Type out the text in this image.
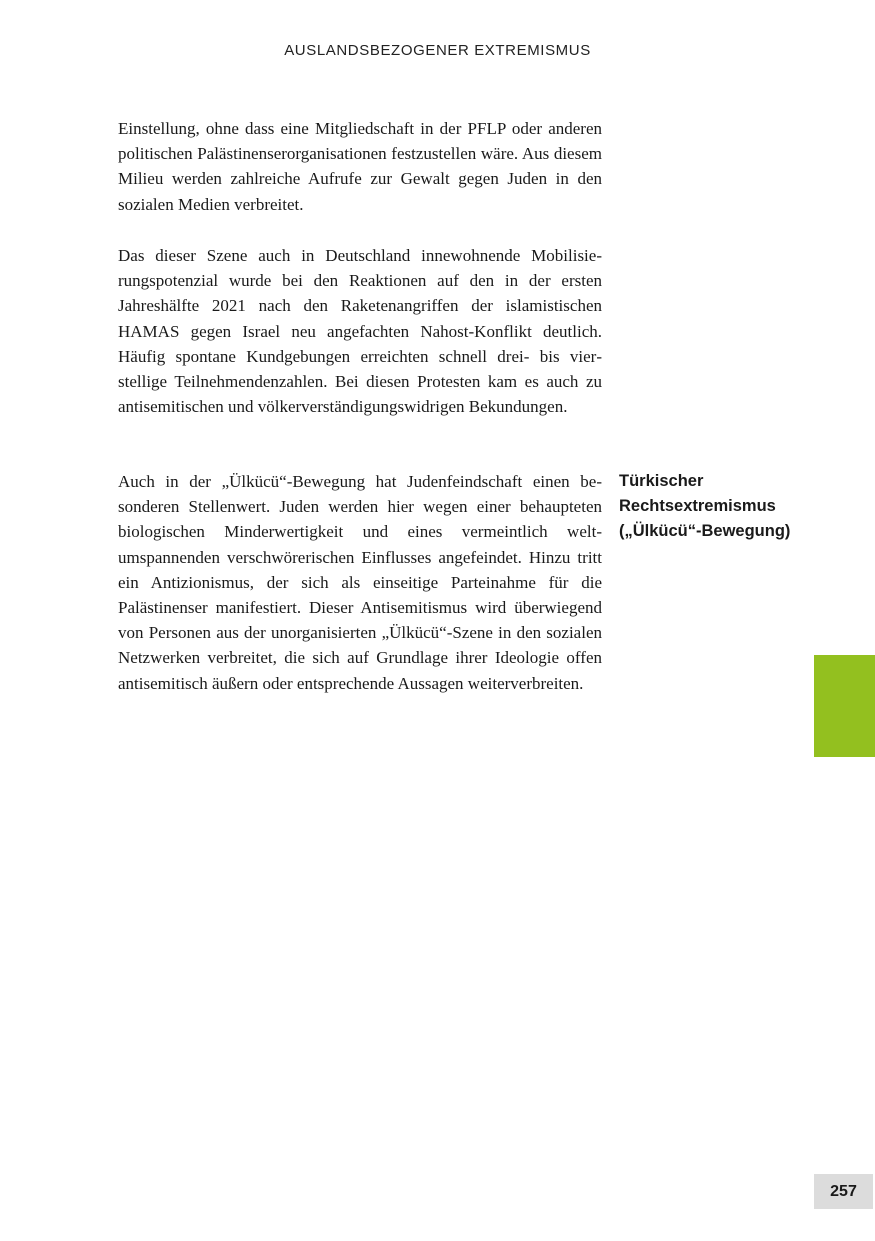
AUSLANDSBEZOGENER EXTREMISMUS

Einstellung, ohne dass eine Mitgliedschaft in der PFLP oder anderen politischen Palästinenserorganisationen festzustellen wäre. Aus diesem Milieu werden zahlreiche Aufrufe zur Gewalt gegen Juden in den sozialen Medien verbreitet.

Das dieser Szene auch in Deutschland innewohnende Mobilisierungspotenzial wurde bei den Reaktionen auf den in der ersten Jahreshälfte 2021 nach den Raketenangriffen der islamistischen HAMAS gegen Israel neu angefachten Nahost-Konflikt deutlich. Häufig spontane Kundgebungen erreichten schnell drei- bis vierstellige Teilnehmendenzahlen. Bei diesen Protesten kam es auch zu antisemitischen und völkerverständigungswidrigen Bekundungen.

Auch in der „Ülkücü“-Bewegung hat Judenfeindschaft einen besonderen Stellenwert. Juden werden hier wegen einer behaupteten biologischen Minderwertigkeit und eines vermeintlich weltumspannenden verschwörerischen Einflusses angefeindet. Hinzu tritt ein Antizionismus, der sich als einseitige Parteinahme für die Palästinenser manifestiert. Dieser Antisemitismus wird überwiegend von Personen aus der unorganisierten „Ülkücü“-Szene in den sozialen Netzwerken verbreitet, die sich auf Grundlage ihrer Ideologie offen antisemitisch äußern oder entsprechende Aussagen weiterverbreiten.

Türkischer
Rechtsextremismus
(„Ülkücü“-Bewegung)
257
